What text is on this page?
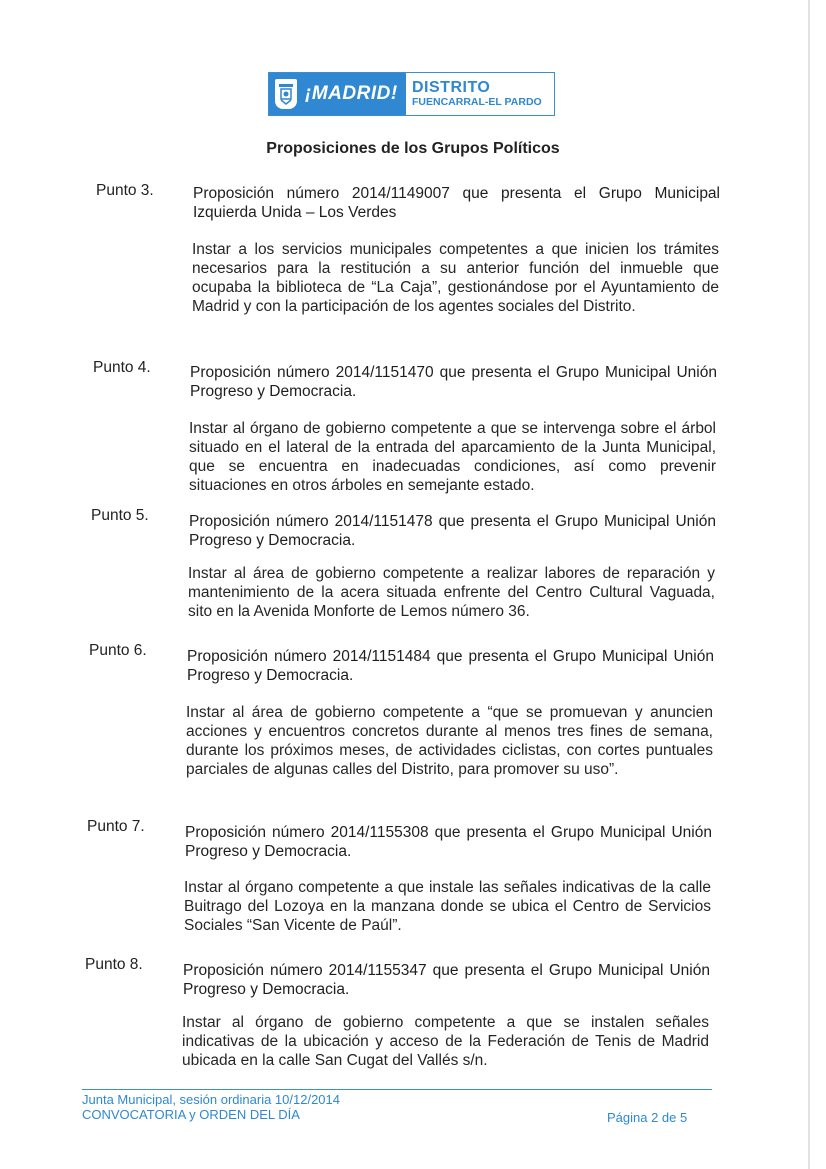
¡MADRID! DISTRITO
FUENCARRAL-EL PARDO
Proposiciones de los Grupos Políticos
Punto 3.	Proposición número 2014/1149007 que presenta el Grupo Municipal Izquierda Unida – Los Verdes
Instar a los servicios municipales competentes a que inicien los trámites necesarios para la restitución a su anterior función del inmueble que ocupaba la biblioteca de “La Caja”, gestionándose por el Ayuntamiento de Madrid y con la participación de los agentes sociales del Distrito.
Punto 4.	Proposición número 2014/1151470 que presenta el Grupo Municipal Unión Progreso y Democracia.
Instar al órgano de gobierno competente a que se intervenga sobre el árbol situado en el lateral de la entrada del aparcamiento de la Junta Municipal, que se encuentra en inadecuadas condiciones, así como prevenir situaciones en otros árboles en semejante estado.
Punto 5.	Proposición número 2014/1151478 que presenta el Grupo Municipal Unión Progreso y Democracia.
Instar al área de gobierno competente a realizar labores de reparación y mantenimiento de la acera situada enfrente del Centro Cultural Vaguada, sito en la Avenida Monforte de Lemos número 36.
Punto 6.	Proposición número 2014/1151484 que presenta el Grupo Municipal Unión Progreso y Democracia.
Instar al área de gobierno competente a “que se promuevan y anuncien acciones y encuentros concretos durante al menos tres fines de semana, durante los próximos meses, de actividades ciclistas, con cortes puntuales parciales de algunas calles del Distrito, para promover su uso”.
Punto 7.	Proposición número 2014/1155308 que presenta el Grupo Municipal Unión Progreso y Democracia.
Instar al órgano competente a que instale las señales indicativas de la calle Buitrago del Lozoya en la manzana donde se ubica el Centro de Servicios Sociales “San Vicente de Paúl”.
Punto 8.	Proposición número 2014/1155347 que presenta el Grupo Municipal Unión Progreso y Democracia.
Instar al órgano de gobierno competente a que se instalen señales indicativas de la ubicación y acceso de la Federación de Tenis de Madrid ubicada en la calle San Cugat del Vallés s/n.
Junta Municipal, sesión ordinaria 10/12/2014
CONVOCATORIA y ORDEN DEL DÍA	Página 2 de 5
